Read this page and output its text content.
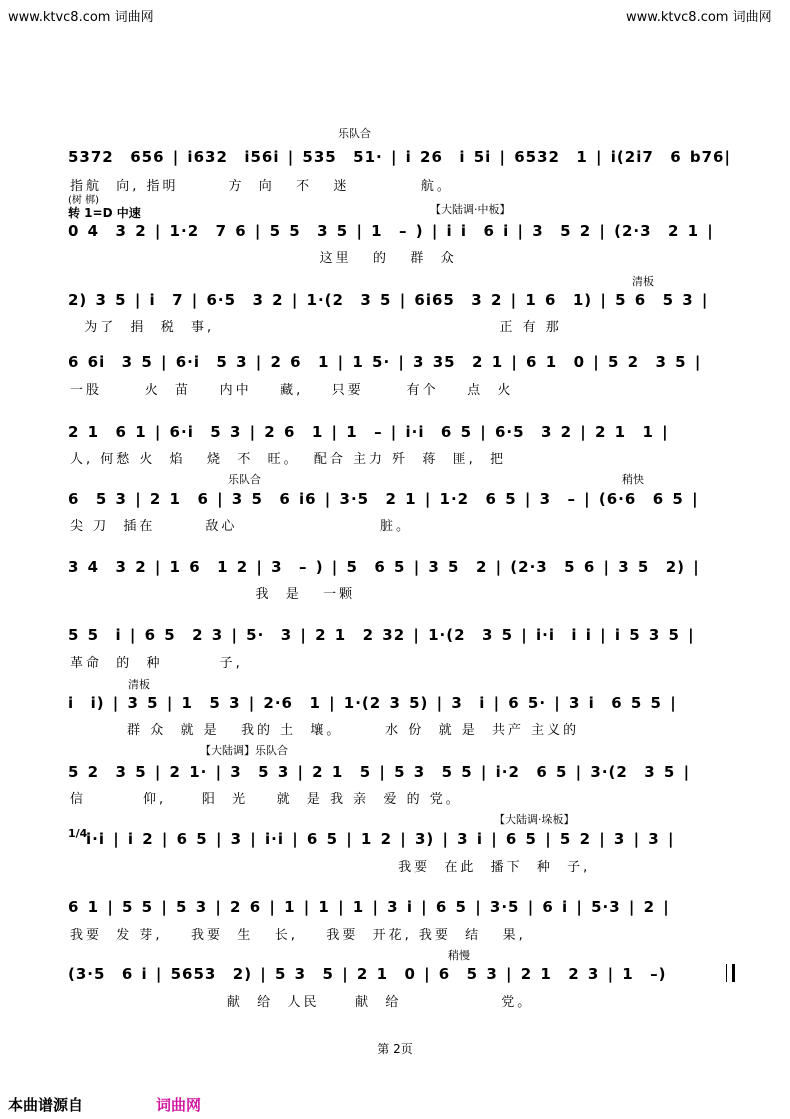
www.ktvc8.com 词曲网	www.ktvc8.com 词曲网
乐队合
5372  656 | i632  i56i | 535  51· | i 26  i 5i | 6532  1 | i(2i7  6 b76|
指航  向, 指明       方  向   不   迷          航。
(树 梆)
转 1=D 中速	【大陆调·中板】
0 4  3 2 | 1·2  7 6 | 5 5  3 5 | 1  – ) | i i  6 i | 3  5 2 | (2·3  2 1 |
这里   的   群  众
清板
2) 3 5 | i  7 | 6·5  3 2 | 1·(2  3 5 | 6i65  3 2 | 1 6  1) | 5 6  5 3 |
为了  捐  税  事,                                        正 有 那
6 6i  3 5 | 6·i  5 3 | 2 6  1 | 1 5· | 3 35  2 1 | 6 1  0 | 5 2  3 5 |
一股      火  苗    内中    藏,    只要      有个    点  火
2 1  6 1 | 6·i  5 3 | 2 6  1 | 1  – | i·i  6 5 | 6·5  3 2 | 2 1  1 |
人, 何愁 火  焰   烧  不  旺。  配合 主力 歼  蒋  匪,  把
乐队合	稍快
6  5 3 | 2 1  6 | 3 5  6 i6 | 3·5  2 1 | 1·2  6 5 | 3  – | (6·6  6 5 |
尖 刀  插在       敌心                    脏。
3 4  3 2 | 1 6  1 2 | 3  – ) | 5  6 5 | 3 5  2 | (2·3  5 6 | 3 5  2) |
我  是   一颗
5 5  i | 6 5  2 3 | 5·  3 | 2 1  2 32 | 1·(2  3 5 | i·i  i i | i 5 3 5 |
革命  的  种        子,
清板
i  i) | 3 5 | 1  5 3 | 2·6  1 | 1·(2 3 5) | 3  i | 6 5· | 3 i  6 5 5 |
群 众  就 是   我的 土  壤。      水 份  就 是  共产 主义的
【大陆调】乐队合
5 2  3 5 | 2 1· | 3  5 3 | 2 1  5 | 5 3  5 5 | i·2  6 5 | 3·(2  3 5 |
信        仰,     阳  光    就  是 我 亲  爱 的 党。
【大陆调·垛板】
1/4
i·i | i 2 | 6 5 | 3 | i·i | 6 5 | 1 2 | 3) | 3 i | 6 5 | 5 2 | 3 | 3 |
我要  在此  播下  种  子,
6 1 | 5 5 | 5 3 | 2 6 | 1 | 1 | 1 | 3 i | 6 5 | 3·5 | 6 i | 5·3 | 2 |
我要  发 芽,    我要  生   长,    我要  开花, 我要  结   果,
稍慢
(3·5  6 i | 5653  2) | 5 3  5 | 2 1  0 | 6  5 3 | 2 1  2 3 | 1  –)
献  给  人民     献  给              党。
第 2页
本曲谱源自	词曲网
